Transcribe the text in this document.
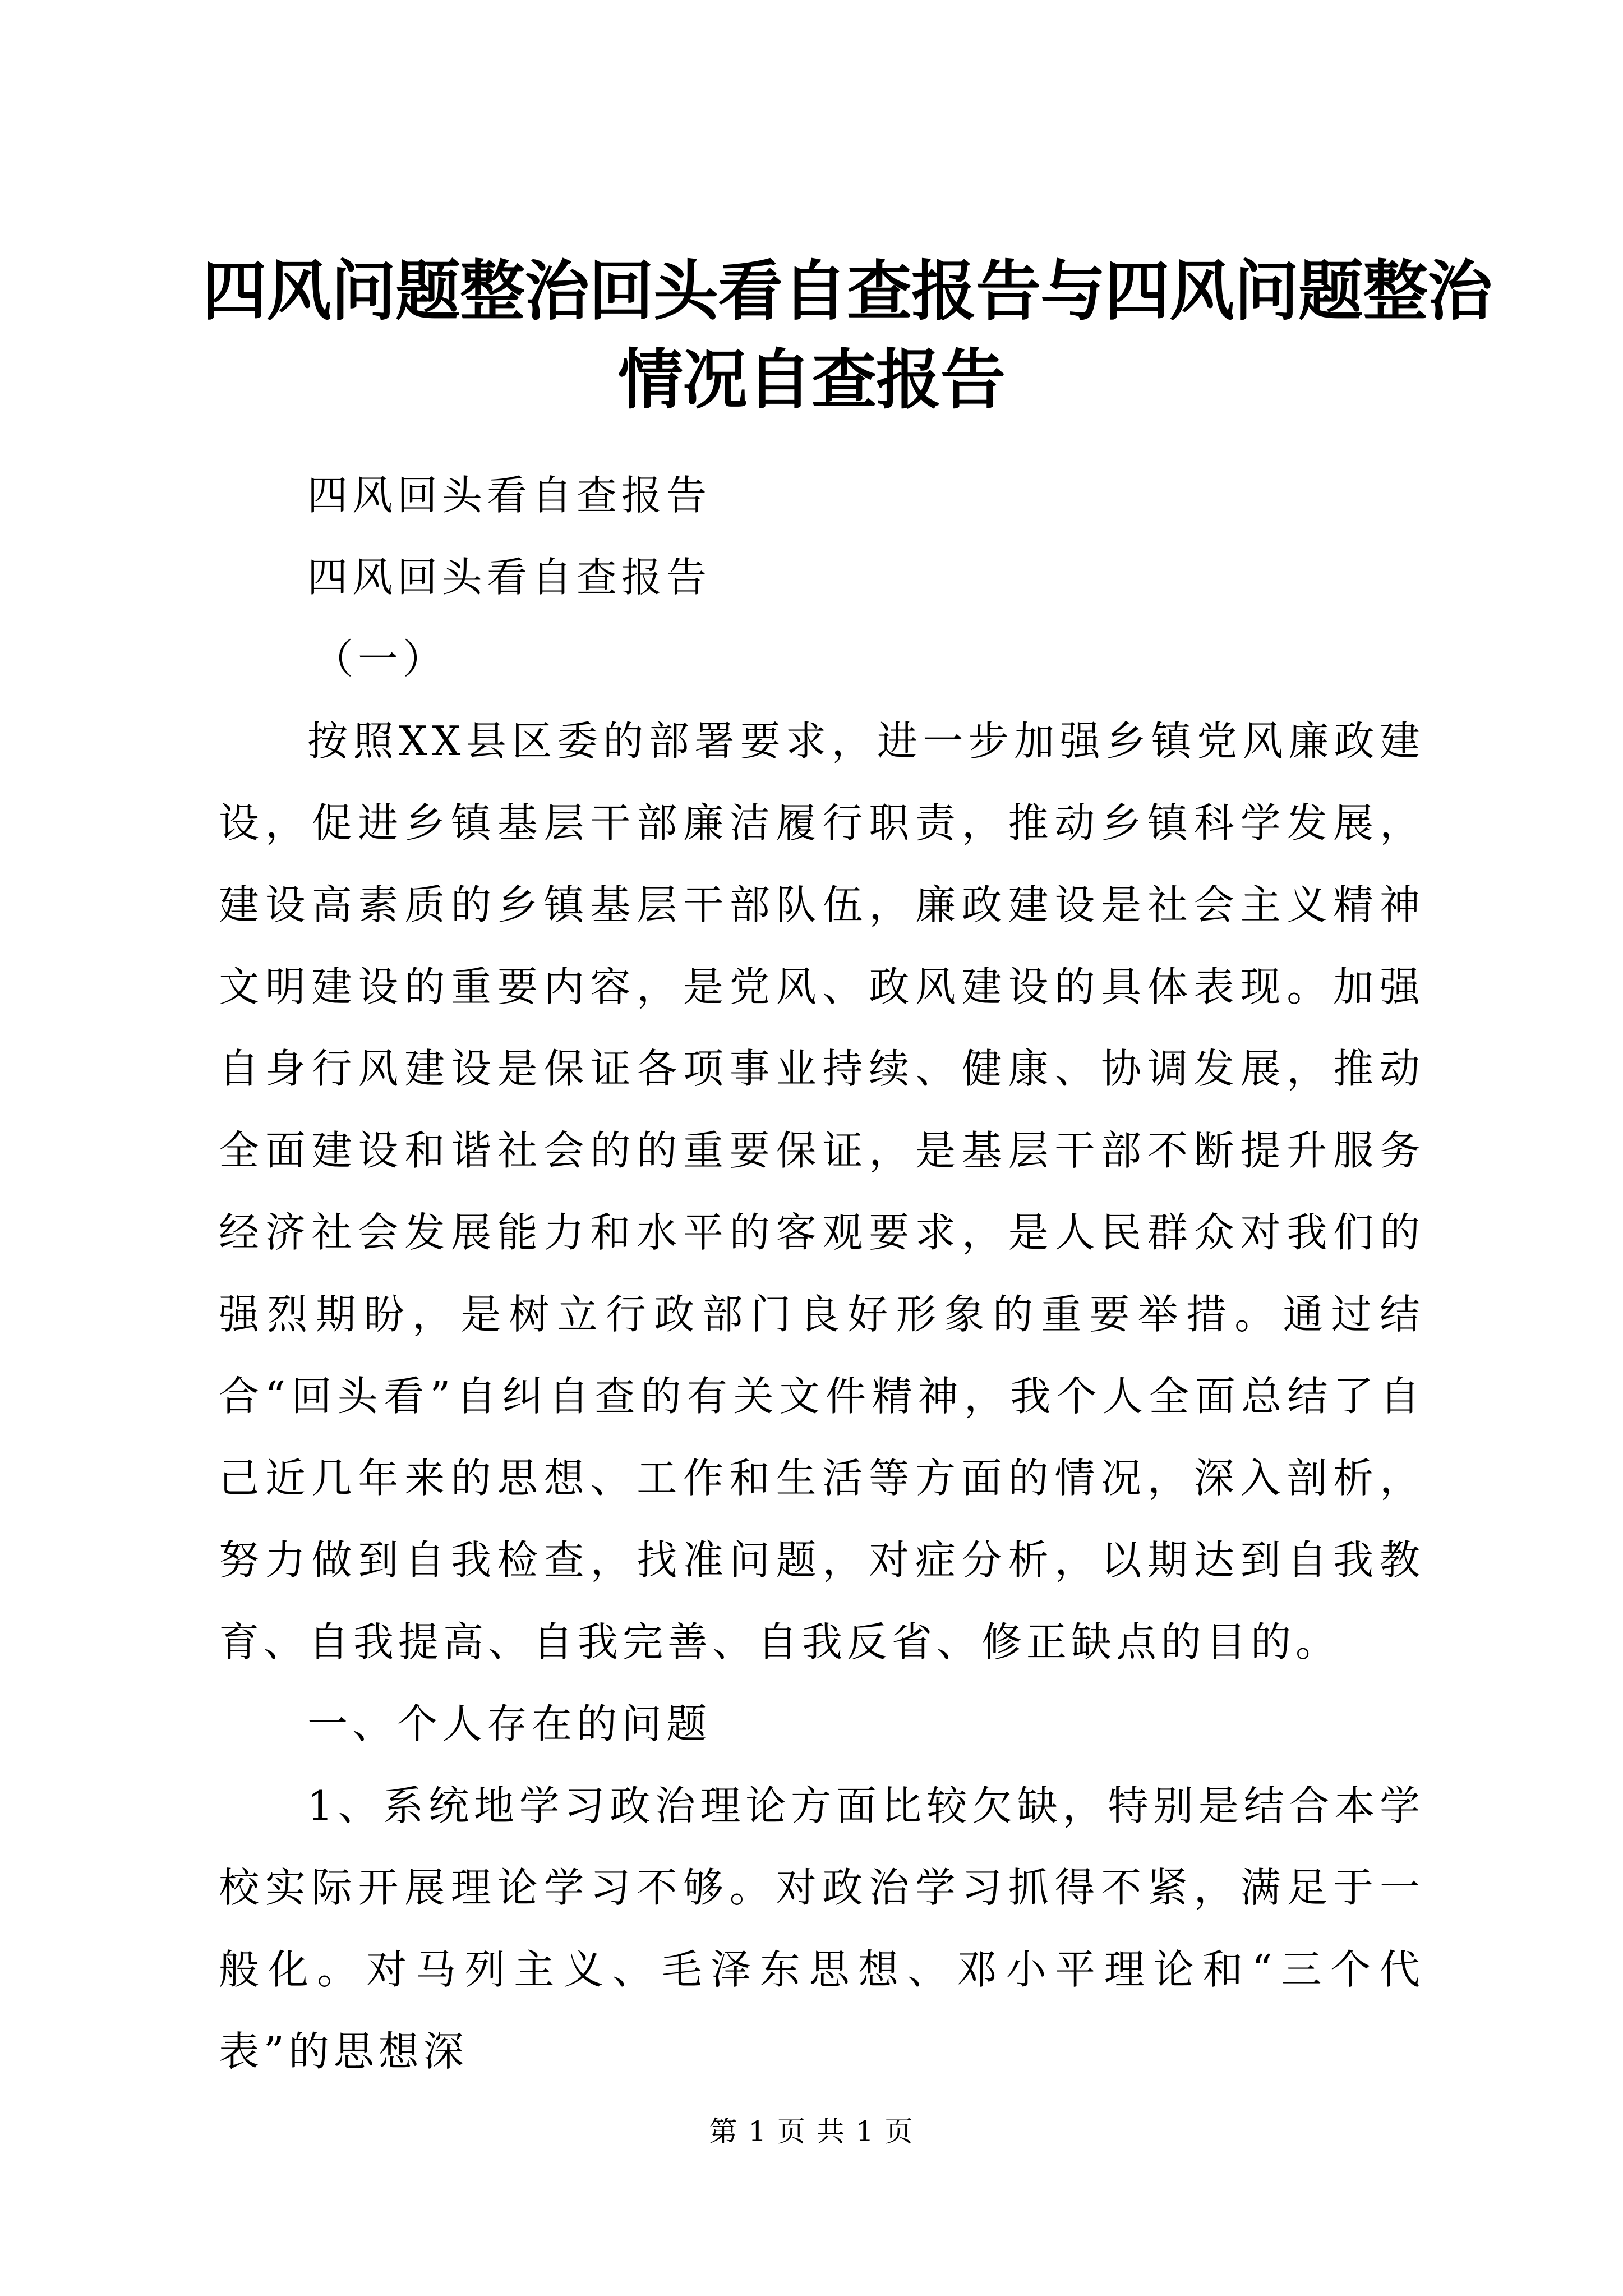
四风问题整治回头看自查报告与四风问题整治
情况自查报告

四风回头看自查报告

四风回头看自查报告

（一）

按照XX县区委的部署要求，进一步加强乡镇党风廉政建设，促进乡镇基层干部廉洁履行职责，推动乡镇科学发展，建设高素质的乡镇基层干部队伍，廉政建设是社会主义精神文明建设的重要内容，是党风、政风建设的具体表现。加强自身行风建设是保证各项事业持续、健康、协调发展，推动全面建设和谐社会的的重要保证，是基层干部不断提升服务经济社会发展能力和水平的客观要求，是人民群众对我们的强烈期盼，是树立行政部门良好形象的重要举措。通过结合“回头看”自纠自查的有关文件精神，我个人全面总结了自己近几年来的思想、工作和生活等方面的情况，深入剖析，努力做到自我检查，找准问题，对症分析，以期达到自我教育、自我提高、自我完善、自我反省、修正缺点的目的。

一、个人存在的问题

1、系统地学习政治理论方面比较欠缺，特别是结合本学校实际开展理论学习不够。对政治学习抓得不紧，满足于一般化。对马列主义、毛泽东思想、邓小平理论和“三个代表”的思想深

第 1 页 共 1 页
